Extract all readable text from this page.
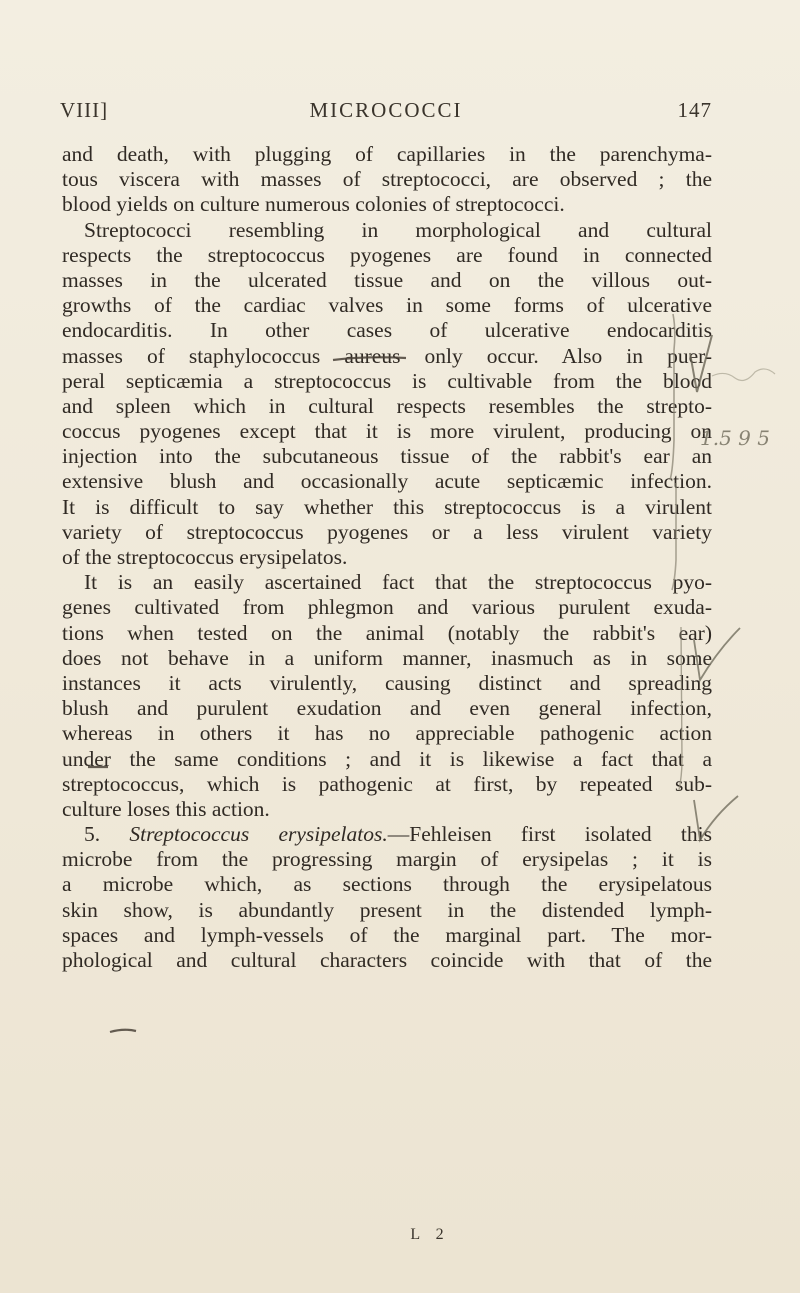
VIII]	MICROCOCCI	147
and death, with plugging of capillaries in the parenchyma-
tous viscera with masses of streptococci, are observed ; the
blood yields on culture numerous colonies of streptococci.
Streptococci resembling in morphological and cultural
respects the streptococcus pyogenes are found in connected
masses in the ulcerated tissue and on the villous out-
growths of the cardiac valves in some forms of ulcerative
endocarditis. In other cases of ulcerative endocarditis
masses of staphylococcus aureus only occur. Also in puer-
peral septicæmia a streptococcus is cultivable from the blood
and spleen which in cultural respects resembles the strepto-
coccus pyogenes except that it is more virulent, producing on
injection into the subcutaneous tissue of the rabbit's ear an
extensive blush and occasionally acute septicæmic infection.
It is difficult to say whether this streptococcus is a virulent
variety of streptococcus pyogenes or a less virulent variety
of the streptococcus erysipelatos.
It is an easily ascertained fact that the streptococcus pyo-
genes cultivated from phlegmon and various purulent exuda-
tions when tested on the animal (notably the rabbit's ear)
does not behave in a uniform manner, inasmuch as in some
instances it acts virulently, causing distinct and spreading
blush and purulent exudation and even general infection,
whereas in others it has no appreciable pathogenic action
under the same conditions ; and it is likewise a fact that a
streptococcus, which is pathogenic at first, by repeated sub-
culture loses this action.
5. Streptococcus erysipelatos.—Fehleisen first isolated this
microbe from the progressing margin of erysipelas ; it is
a microbe which, as sections through the erysipelatous
skin show, is abundantly present in the distended lymph-
spaces and lymph-vessels of the marginal part. The mor-
phological and cultural characters coincide with that of the
L 2
1.5 9 5
